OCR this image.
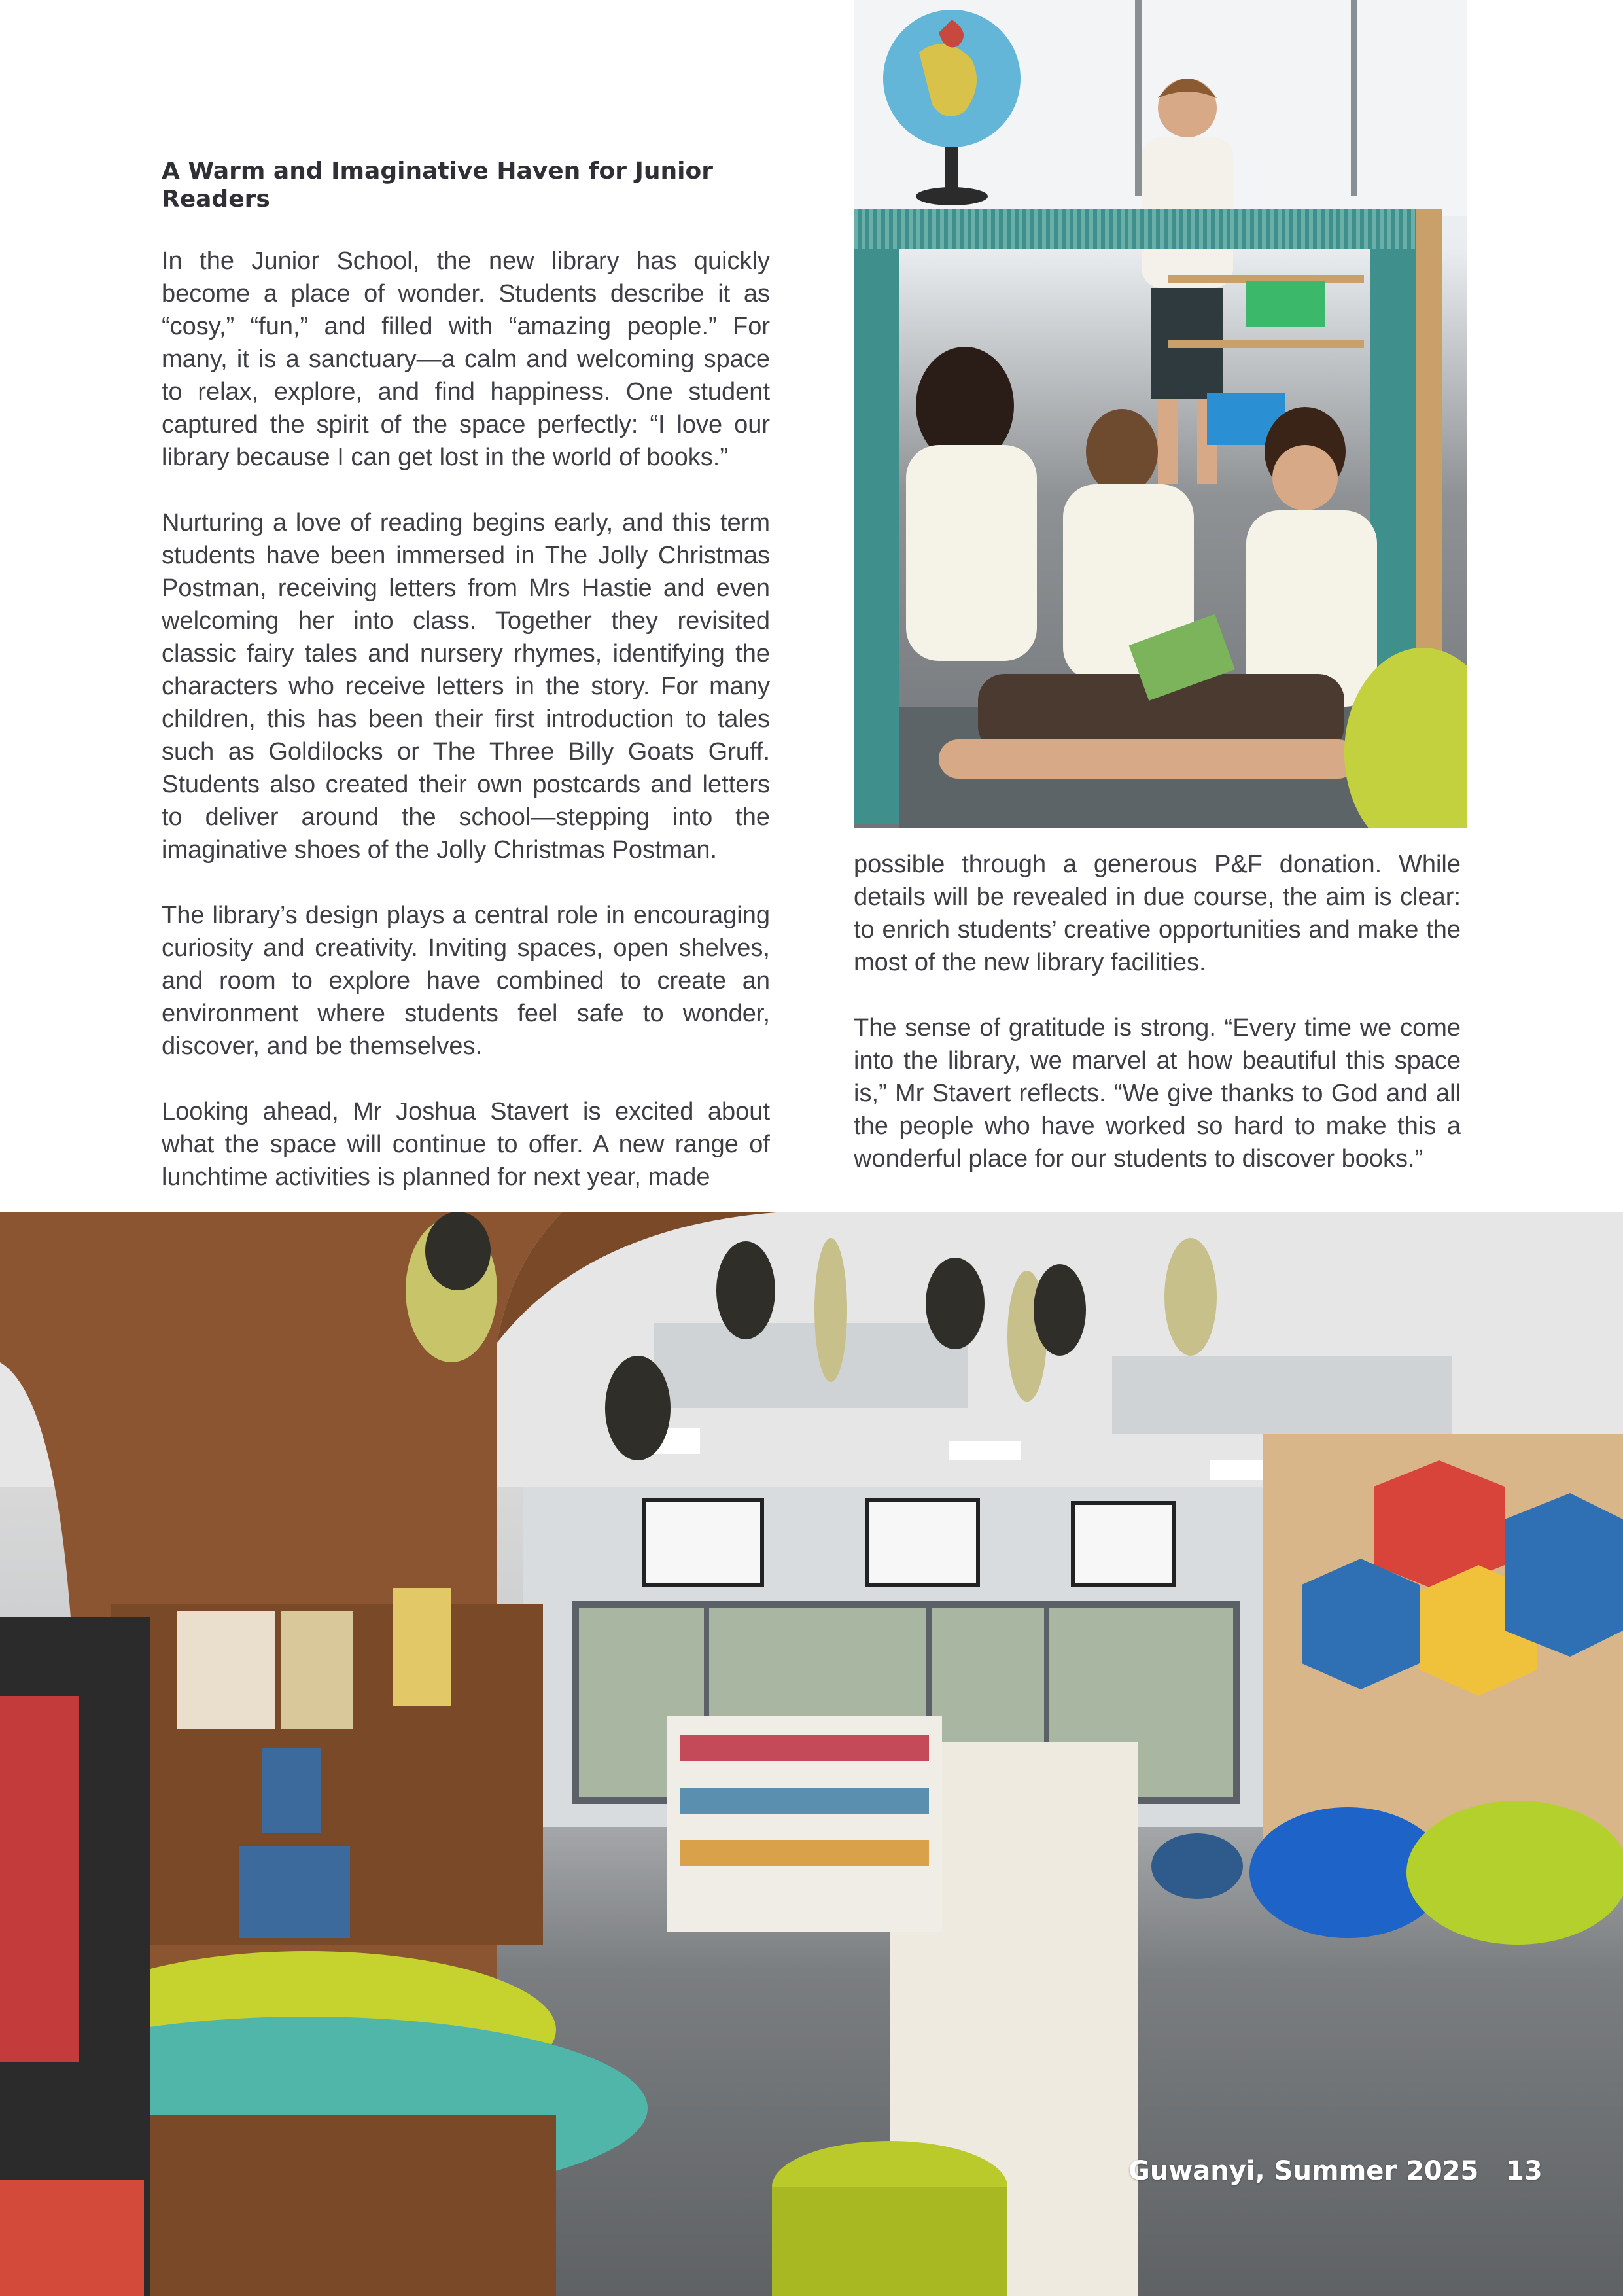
A Warm and Imaginative Haven for Junior Readers

In the Junior School, the new library has quickly become a place of wonder. Students describe it as “cosy,” “fun,” and filled with “amazing people.” For many, it is a sanctuary—a calm and welcoming space to relax, explore, and find happiness. One student captured the spirit of the space perfectly: “I love our library because I can get lost in the world of books.”

Nurturing a love of reading begins early, and this term students have been immersed in The Jolly Christmas Postman, receiving letters from Mrs Hastie and even welcoming her into class. Together they revisited classic fairy tales and nursery rhymes, identifying the characters who receive letters in the story. For many children, this has been their first introduction to tales such as Goldilocks or The Three Billy Goats Gruff. Students also created their own postcards and letters to deliver around the school—stepping into the imaginative shoes of the Jolly Christmas Postman.

The library’s design plays a central role in encouraging curiosity and creativity. Inviting spaces, open shelves, and room to explore have combined to create an environment where students feel safe to wonder, discover, and be themselves.

Looking ahead, Mr Joshua Stavert is excited about what the space will continue to offer. A new range of lunchtime activities is planned for next year, made

possible through a generous P&F donation. While details will be revealed in due course, the aim is clear: to enrich students’ creative opportunities and make the most of the new library facilities.

The sense of gratitude is strong. “Every time we come into the library, we marvel at how beautiful this space is,” Mr Stavert reflects. “We give thanks to God and all the people who have worked so hard to make this a wonderful place for our students to discover books.”

Guwanyi, Summer 2025 13
